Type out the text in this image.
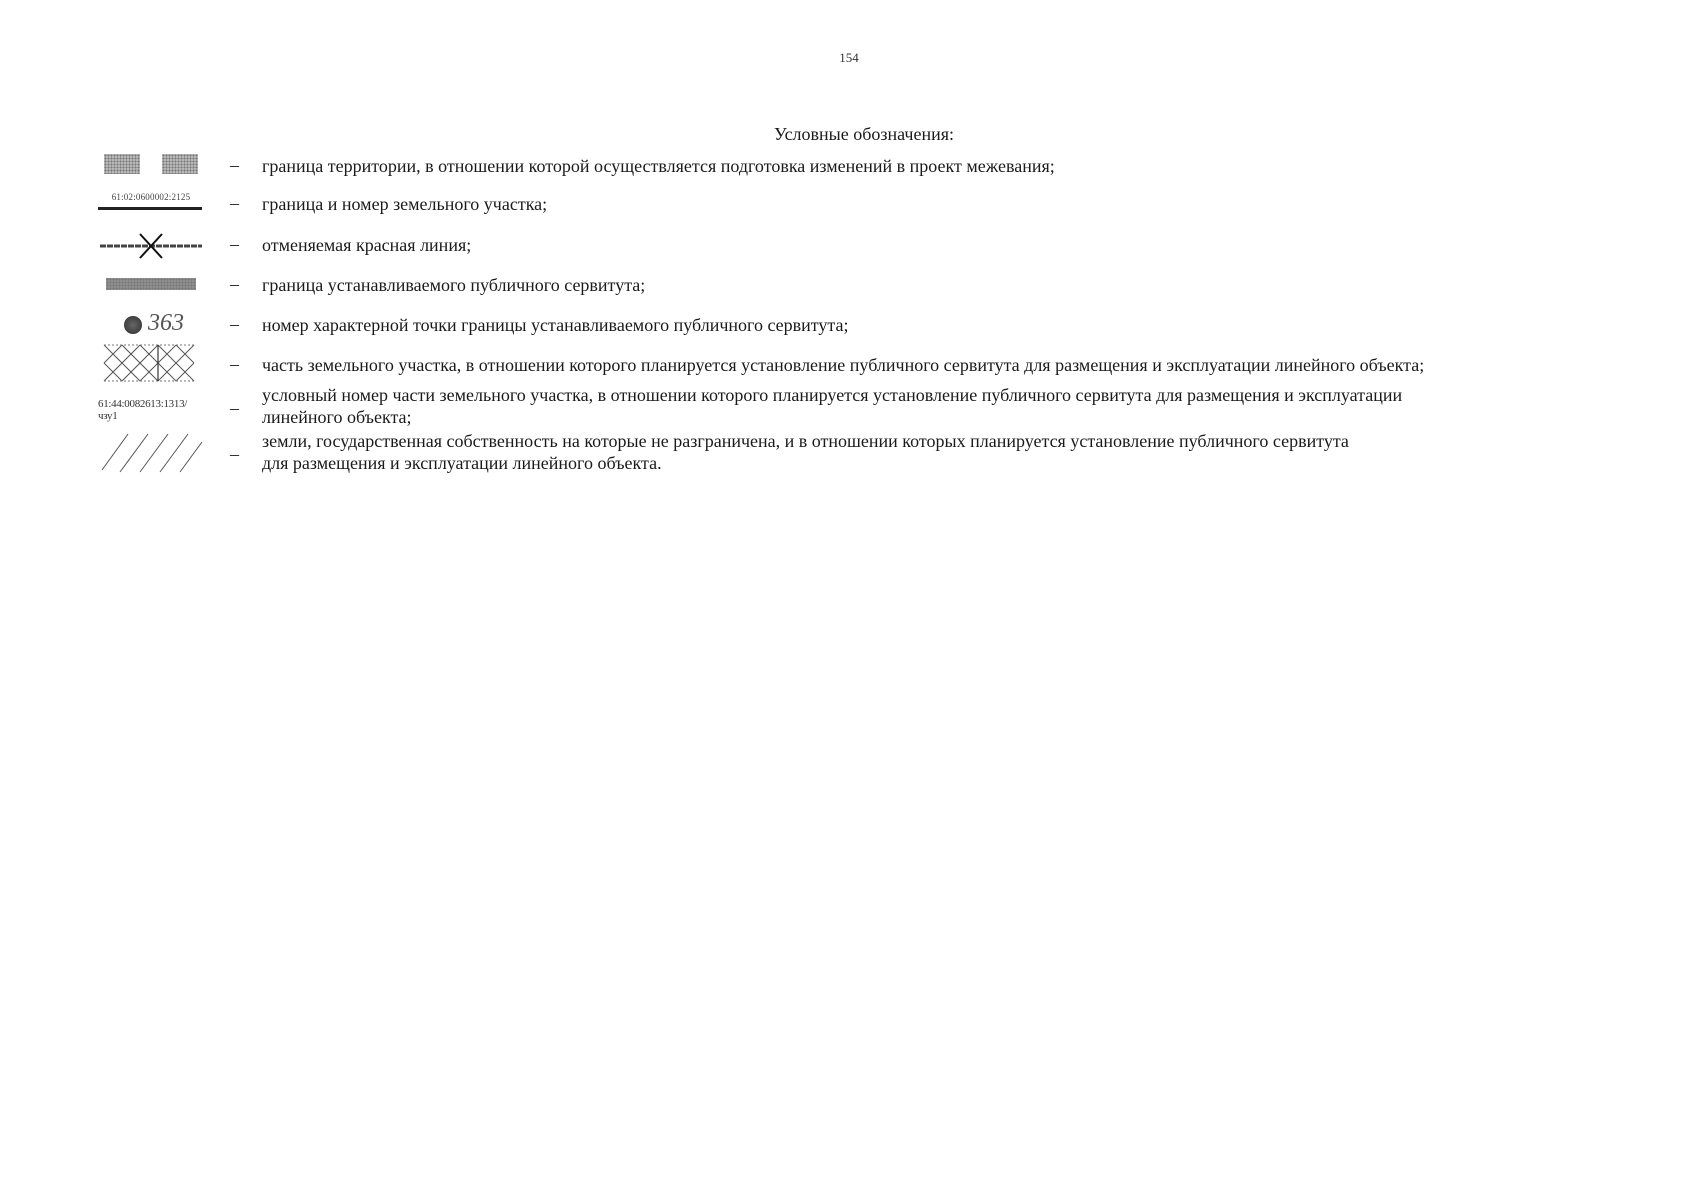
154
Условные обозначения:
– граница территории, в отношении которой осуществляется подготовка изменений в проект межевания;
61:02:0600002:2125	– граница и номер земельного участка;
– отменяемая красная линия;
– граница устанавливаемого публичного сервитута;
363	– номер характерной точки границы устанавливаемого публичного сервитута;
– часть земельного участка, в отношении которого планируется установление публичного сервитута для размещения и эксплуатации линейного объекта;
61:44:0082613:1313/чзу1	–
условный номер части земельного участка, в отношении которого планируется установление публичного сервитута для размещения и эксплуатации
линейного объекта;
–
земли, государственная собственность на которые не разграничена, и в отношении которых планируется установление публичного сервитута
для размещения и эксплуатации линейного объекта.
